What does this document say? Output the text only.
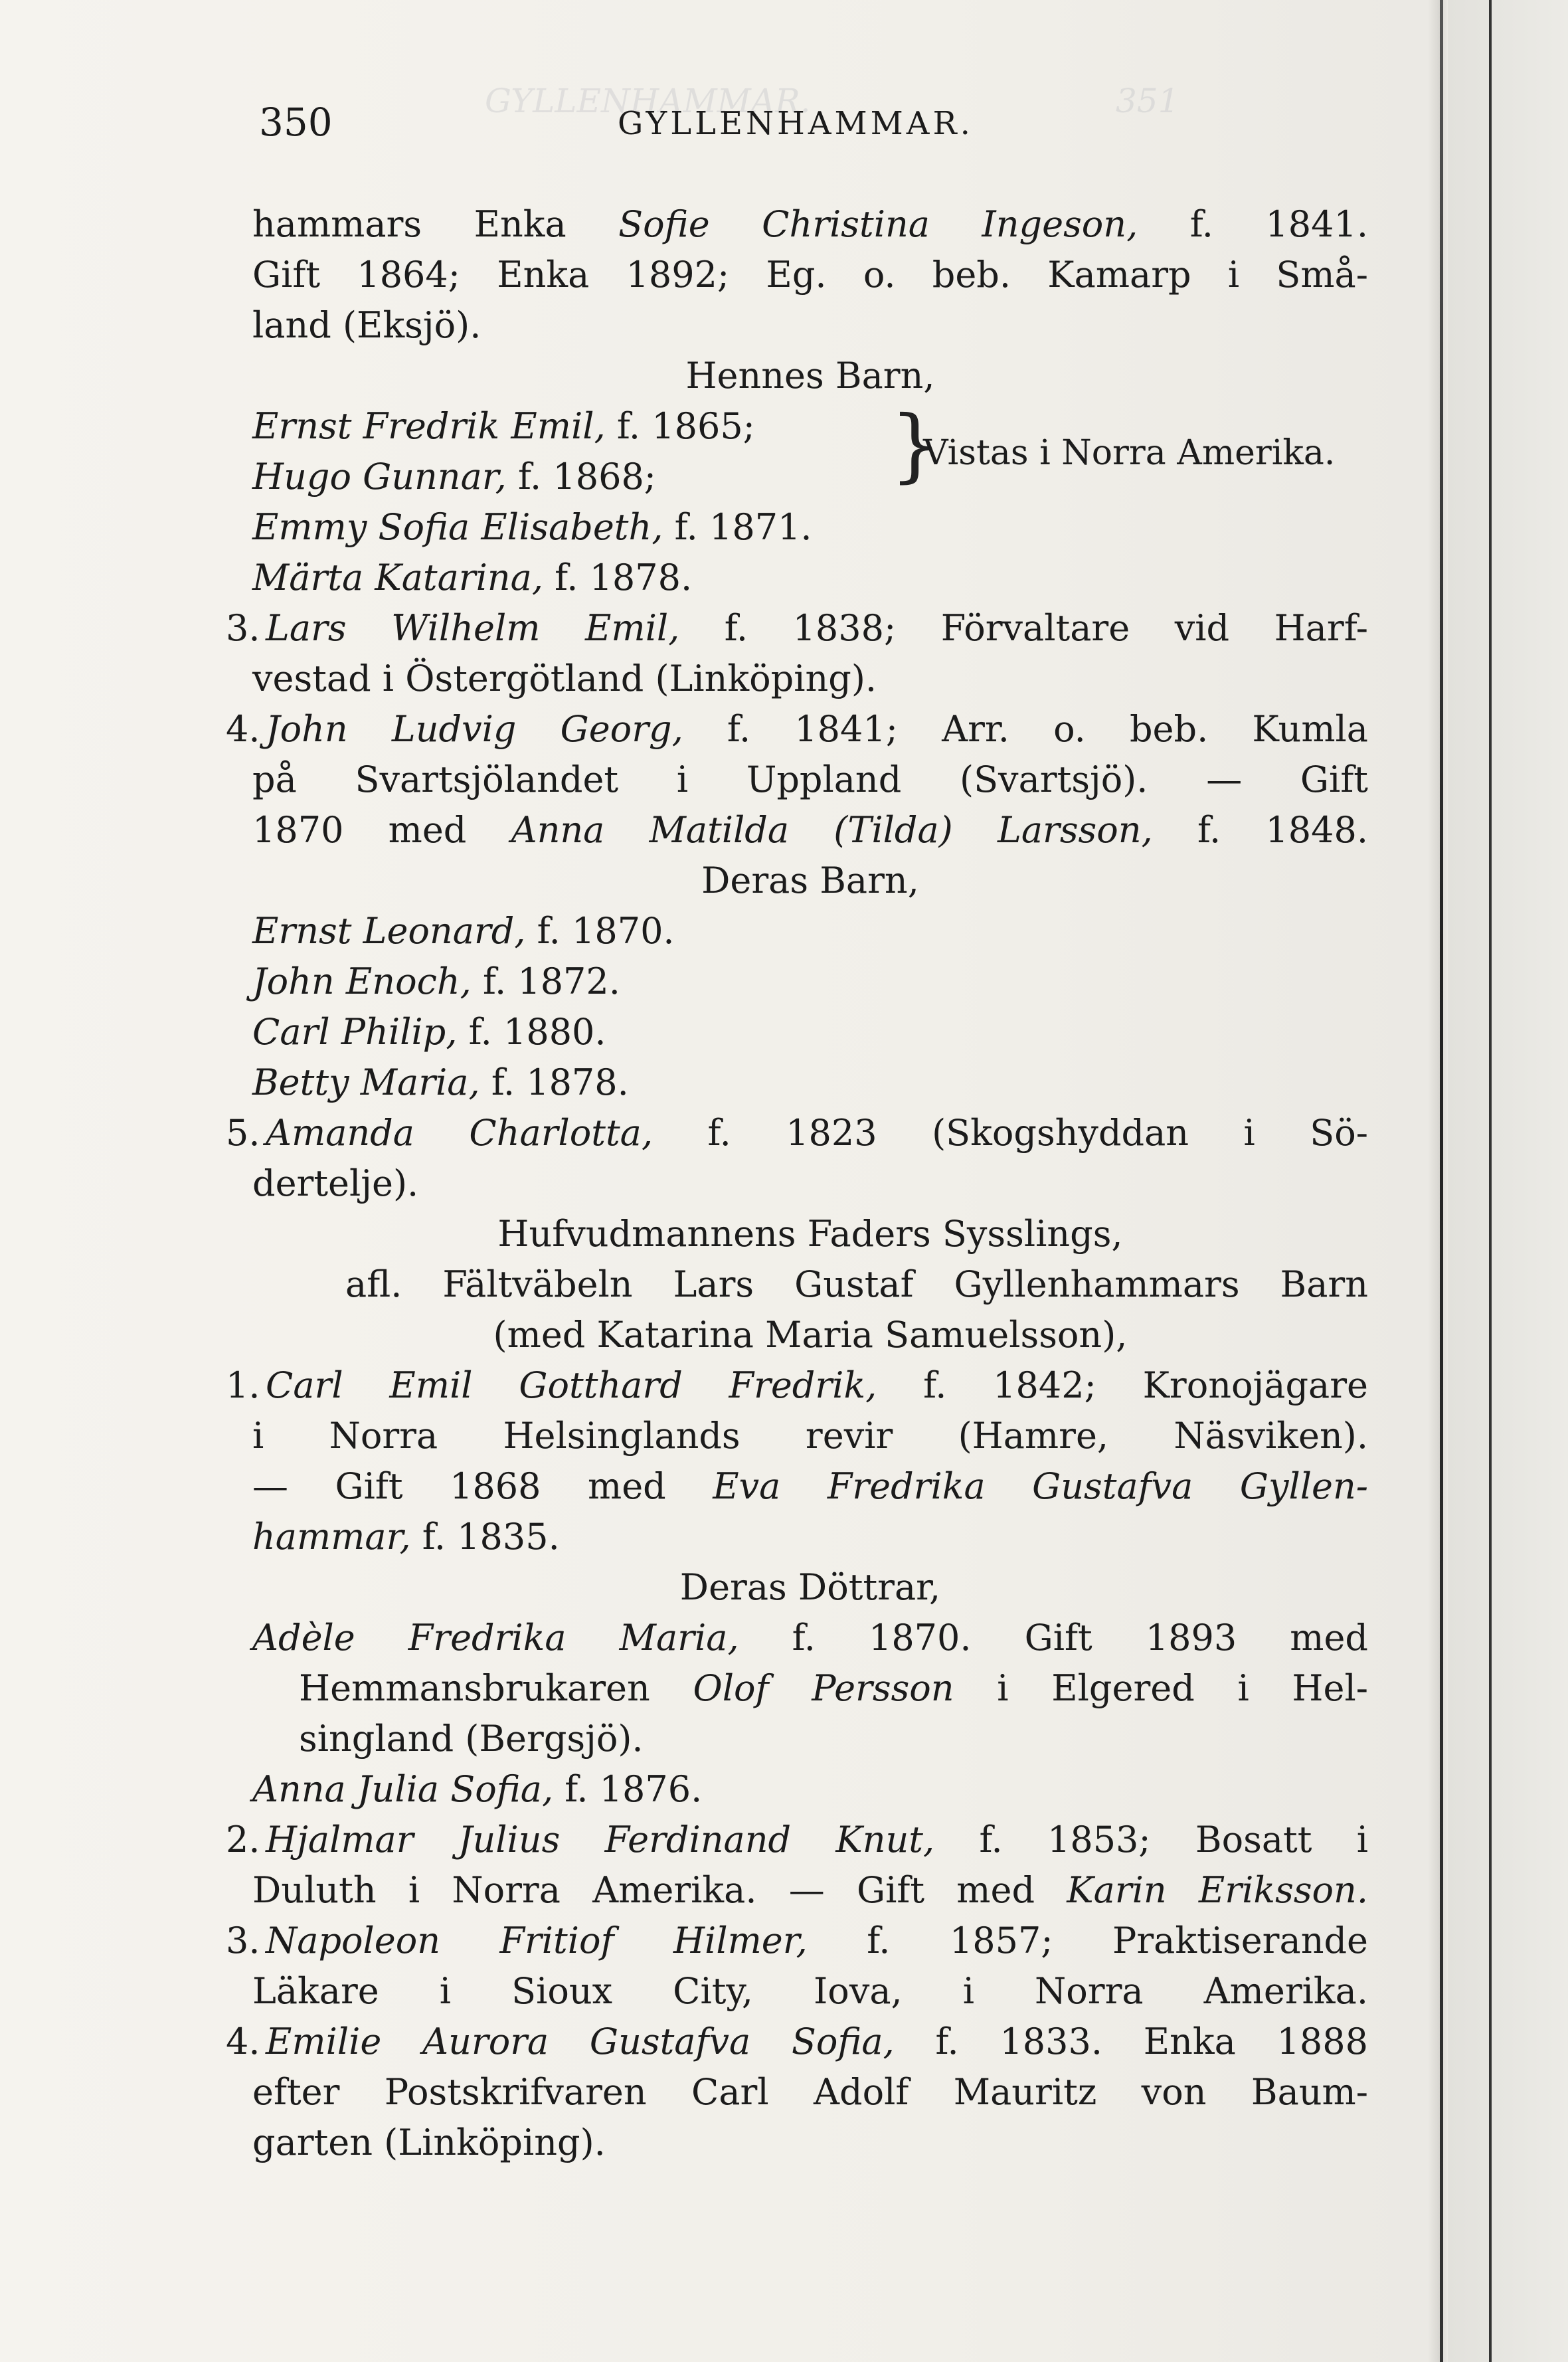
GYLLENHAMMAR.	351
350	GYLLENHAMMAR.
hammars Enka Sofie Christina Ingeson, f. 1841.
Gift 1864; Enka 1892; Eg. o. beb. Kamarp i Små-
land (Eksjö).
Hennes Barn,
Ernst Fredrik Emil, f. 1865;
Hugo Gunnar, f. 1868;	}
Vistas i Norra Amerika.
Emmy Sofia Elisabeth, f. 1871.
Märta Katarina, f. 1878.
3. Lars Wilhelm Emil, f. 1838; Förvaltare vid Harf-
vestad i Östergötland (Linköping).
4. John Ludvig Georg, f. 1841; Arr. o. beb. Kumla
på Svartsjölandet i Uppland (Svartsjö). — Gift
1870 med Anna Matilda (Tilda) Larsson, f. 1848.
Deras Barn,
Ernst Leonard, f. 1870.
John Enoch, f. 1872.
Carl Philip, f. 1880.
Betty Maria, f. 1878.
5. Amanda Charlotta, f. 1823 (Skogshyddan i Sö-
dertelje).
Hufvudmannens Faders Sysslings,
afl. Fältväbeln Lars Gustaf Gyllenhammars Barn
(med Katarina Maria Samuelsson),
1. Carl Emil Gotthard Fredrik, f. 1842; Kronojägare
i Norra Helsinglands revir (Hamre, Näsviken).
— Gift 1868 med Eva Fredrika Gustafva Gyllen-
hammar, f. 1835.
Deras Döttrar,
Adèle Fredrika Maria, f. 1870. Gift 1893 med
Hemmansbrukaren Olof Persson i Elgered i Hel-
singland (Bergsjö).
Anna Julia Sofia, f. 1876.
2. Hjalmar Julius Ferdinand Knut, f. 1853; Bosatt i
Duluth i Norra Amerika. — Gift med Karin Eriksson.
3. Napoleon Fritiof Hilmer, f. 1857; Praktiserande
Läkare i Sioux City, Iova, i Norra Amerika.
4. Emilie Aurora Gustafva Sofia, f. 1833. Enka 1888
efter Postskrifvaren Carl Adolf Mauritz von Baum-
garten (Linköping).
